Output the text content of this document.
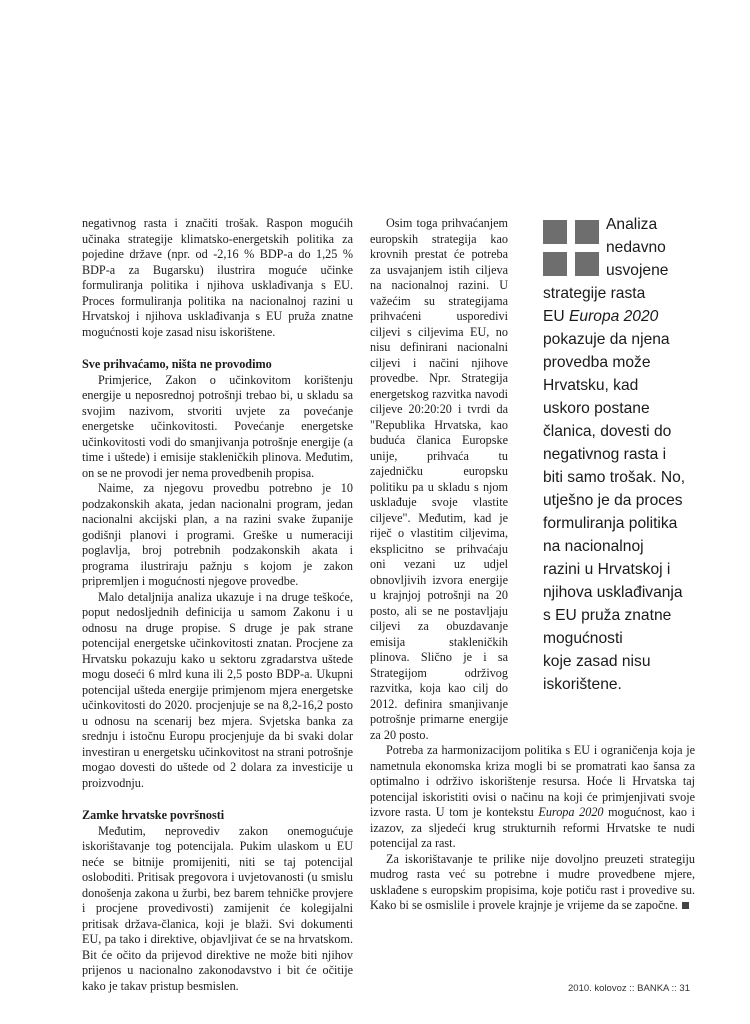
negativnog rasta i značiti trošak. Raspon mogućih učinaka strategije klimatsko-energetskih politika za pojedine države (npr. od -2,16 % BDP-a do 1,25 % BDP-a za Bugarsku) ilustrira moguće učinke formuliranja politika i njihova usklađivanja s EU. Proces formuliranja politika na nacionalnoj razini u Hrvatskoj i njihova usklađivanja s EU pruža znatne mogućnosti koje zasad nisu iskorištene.

Sve prihvaćamo, ništa ne provodimo

Primjerice, Zakon o učinkovitom korištenju energije u neposrednoj potrošnji trebao bi, u skladu sa svojim nazivom, stvoriti uvjete za povećanje energetske učinkovitosti. Povećanje energetske učinkovitosti vodi do smanjivanja potrošnje energije (a time i uštede) i emisije stakleničkih plinova. Međutim, on se ne provodi jer nema provedbenih propisa.

Naime, za njegovu provedbu potrebno je 10 podzakonskih akata, jedan nacionalni program, jedan nacionalni akcijski plan, a na razini svake županije godišnji planovi i programi. Greške u numeraciji poglavlja, broj potrebnih podzakonskih akata i programa ilustriraju pažnju s kojom je zakon pripremljen i mogućnosti njegove provedbe.

Malo detaljnija analiza ukazuje i na druge teškoće, poput nedosljednih definicija u samom Zakonu i u odnosu na druge propise. S druge je pak strane potencijal energetske učinkovitosti znatan. Procjene za Hrvatsku pokazuju kako u sektoru zgradarstva uštede mogu doseći 6 mlrd kuna ili 2,5 posto BDP-a. Ukupni potencijal ušteda energije primjenom mjera energetske učinkovitosti do 2020. procjenjuje se na 8,2-16,2 posto u odnosu na scenarij bez mjera. Svjetska banka za srednju i istočnu Europu procjenjuje da bi svaki dolar investiran u energetsku učinkovitost na strani potrošnje mogao dovesti do uštede od 2 dolara za investicije u proizvodnju.

Zamke hrvatske površnosti

Međutim, neprovediv zakon onemogućuje iskorištavanje tog potencijala. Pukim ulaskom u EU neće se bitnije promijeniti, niti se taj potencijal osloboditi. Pritisak pregovora i uvjetovanosti (u smislu donošenja zakona u žurbi, bez barem tehničke provjere i procjene provedivosti) zamijenit će kolegijalni pritisak država-članica, koji je blaži. Svi dokumenti EU, pa tako i direktive, objavljivat će se na hrvatskom. Bit će očito da prijevod direktive ne može biti njihov prijenos u nacionalno zakonodavstvo i bit će očitije kako je takav pristup besmislen.

Osim toga prihvaćanjem europskih strategija kao krovnih prestat će potreba za usvajanjem istih ciljeva na nacionalnoj razini. U važećim su strategijama prihvaćeni usporedivi ciljevi s ciljevima EU, no nisu definirani nacionalni ciljevi i načini njihove provedbe. Npr. Strategija energetskog razvitka navodi ciljeve 20:20:20 i tvrdi da "Republika Hrvatska, kao buduća članica Europske unije, prihvaća tu zajedničku europsku politiku pa u skladu s njom usklađuje svoje vlastite ciljeve". Međutim, kad je riječ o vlastitim ciljevima, eksplicitno se prihvaćaju oni vezani uz udjel obnovljivih izvora energije u krajnjoj potrošnji na 20 posto, ali se ne postavljaju ciljevi za obuzdavanje emisija stakleničkih plinova. Slično je i sa Strategijom održivog razvitka, koja kao cilj do 2012. definira smanjivanje potrošnje primarne energije za 20 posto.

Analiza
nedavno
usvojene
strategije rasta
EU Europa 2020
pokazuje da njena
provedba može
Hrvatsku, kad
uskoro postane
članica, dovesti do
negativnog rasta i
biti samo trošak. No,
utješno je da proces
formuliranja politika
na nacionalnoj
razini u Hrvatskoj i
njihova usklađivanja
s EU pruža znatne
mogućnosti
koje zasad nisu
iskorištene.

Potreba za harmonizacijom politika s EU i ograničenja koja je nametnula ekonomska kriza mogli bi se promatrati kao šansa za optimalno i održivo iskorištenje resursa. Hoće li Hrvatska taj potencijal iskoristiti ovisi o načinu na koji će primjenjivati svoje izvore rasta. U tom je kontekstu Europa 2020 mogućnost, kao i izazov, za sljedeći krug strukturnih reformi Hrvatske te nudi potencijal za rast.

Za iskorištavanje te prilike nije dovoljno preuzeti strategiju mudrog rasta već su potrebne i mudre provedbene mjere, usklađene s europskim propisima, koje potiču rast i provedive su. Kako bi se osmislile i provele krajnje je vrijeme da se započne.

2010. kolovoz :: BANKA :: 31
